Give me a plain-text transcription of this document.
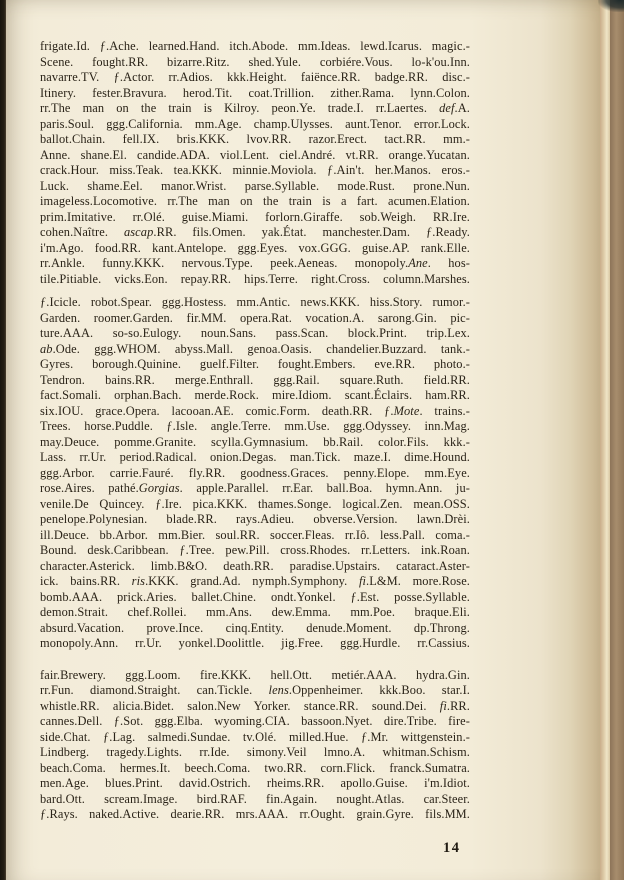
frigate.Id. ƒ.Ache. learned.Hand. itch.Abode. mm.Ideas. lewd.Icarus. magic.-
Scene. fought.RR. bizarre.Ritz. shed.Yule. corbiére.Vous. lo-k'ou.Inn.
navarre.TV. ƒ.Actor. rr.Adios. kkk.Height. faiënce.RR. badge.RR. disc.-
Itinery. fester.Bravura. herod.Tit. coat.Trillion. zither.Rama. lynn.Colon.
rr.The man on the train is Kilroy. peon.Ye. trade.I. rr.Laertes. def.A.
paris.Soul. ggg.California. mm.Age. champ.Ulysses. aunt.Tenor. error.Lock.
ballot.Chain. fell.IX. bris.KKK. lvov.RR. razor.Erect. tact.RR. mm.-
Anne. shane.El. candide.ADA. viol.Lent. ciel.André. vt.RR. orange.Yucatan.
crack.Hour. miss.Teak. tea.KKK. minnie.Moviola. ƒ.Ain't. her.Manos. eros.-
Luck. shame.Eel. manor.Wrist. parse.Syllable. mode.Rust. prone.Nun.
imageless.Locomotive. rr.The man on the train is a fart. acumen.Elation.
prim.Imitative. rr.Olé. guise.Miami. forlorn.Giraffe. sob.Weigh. RR.Ire.
cohen.Naître. ascap.RR. fils.Omen. yak.État. manchester.Dam. ƒ.Ready.
i'm.Ago. food.RR. kant.Antelope. ggg.Eyes. vox.GGG. guise.AP. rank.Elle.
rr.Ankle. funny.KKK. nervous.Type. peek.Aeneas. monopoly.Ane. hos-
tile.Pitiable. vicks.Eon. repay.RR. hips.Terre. right.Cross. column.Marshes.
ƒ.Icicle. robot.Spear. ggg.Hostess. mm.Antic. news.KKK. hiss.Story. rumor.-
Garden. roomer.Garden. fir.MM. opera.Rat. vocation.A. sarong.Gin. pic-
ture.AAA. so-so.Eulogy. noun.Sans. pass.Scan. block.Print. trip.Lex.
ab.Ode. ggg.WHOM. abyss.Mall. genoa.Oasis. chandelier.Buzzard. tank.-
Gyres. borough.Quinine. guelf.Filter. fought.Embers. eve.RR. photo.-
Tendron. bains.RR. merge.Enthrall. ggg.Rail. square.Ruth. field.RR.
fact.Somali. orphan.Bach. merde.Rock. mire.Idiom. scant.Éclairs. ham.RR.
six.IOU. grace.Opera. lacooan.AE. comic.Form. death.RR. ƒ.Mote. trains.-
Trees. horse.Puddle. ƒ.Isle. angle.Terre. mm.Use. ggg.Odyssey. inn.Mag.
may.Deuce. pomme.Granite. scylla.Gymnasium. bb.Rail. color.Fils. kkk.-
Lass. rr.Ur. period.Radical. onion.Degas. man.Tick. maze.I. dime.Hound.
ggg.Arbor. carrie.Fauré. fly.RR. goodness.Graces. penny.Elope. mm.Eye.
rose.Aires. pathé.Gorgias. apple.Parallel. rr.Ear. ball.Boa. hymn.Ann. ju-
venile.De Quincey. ƒ.Ire. pica.KKK. thames.Songe. logical.Zen. mean.OSS.
penelope.Polynesian. blade.RR. rays.Adieu. obverse.Version. lawn.Drèi.
ill.Deuce. bb.Arbor. mm.Bier. soul.RR. soccer.Fleas. rr.Iô. less.Pall. coma.-
Bound. desk.Caribbean. ƒ.Tree. pew.Pill. cross.Rhodes. rr.Letters. ink.Roan.
character.Asterick. limb.B&O. death.RR. paradise.Upstairs. cataract.Aster-
ick. bains.RR. ris.KKK. grand.Ad. nymph.Symphony. fi.L&M. more.Rose.
bomb.AAA. prick.Aries. ballet.Chine. ondt.Yonkel. ƒ.Est. posse.Syllable.
demon.Strait. chef.Rollei. mm.Ans. dew.Emma. mm.Poe. braque.Eli.
absurd.Vacation. prove.Ince. cinq.Entity. denude.Moment. dp.Throng.
monopoly.Ann. rr.Ur. yonkel.Doolittle. jig.Free. ggg.Hurdle. rr.Cassius.
fair.Brewery. ggg.Loom. fire.KKK. hell.Ott. metiér.AAA. hydra.Gin.
rr.Fun. diamond.Straight. can.Tickle. lens.Oppenheimer. kkk.Boo. star.I.
whistle.RR. alicia.Bidet. salon.New Yorker. stance.RR. sound.Dei. fi.RR.
cannes.Dell. ƒ.Sot. ggg.Elba. wyoming.CIA. bassoon.Nyet. dire.Tribe. fire-
side.Chat. ƒ.Lag. salmedi.Sundae. tv.Olé. milled.Hue. ƒ.Mr. wittgenstein.-
Lindberg. tragedy.Lights. rr.Ide. simony.Veil lmno.A. whitman.Schism.
beach.Coma. hermes.It. beech.Coma. two.RR. corn.Flick. franck.Sumatra.
men.Age. blues.Print. david.Ostrich. rheims.RR. apollo.Guise. i'm.Idiot.
bard.Ott. scream.Image. bird.RAF. fin.Again. nought.Atlas. car.Steer.
ƒ.Rays. naked.Active. dearie.RR. mrs.AAA. rr.Ought. grain.Gyre. fils.MM.
14
